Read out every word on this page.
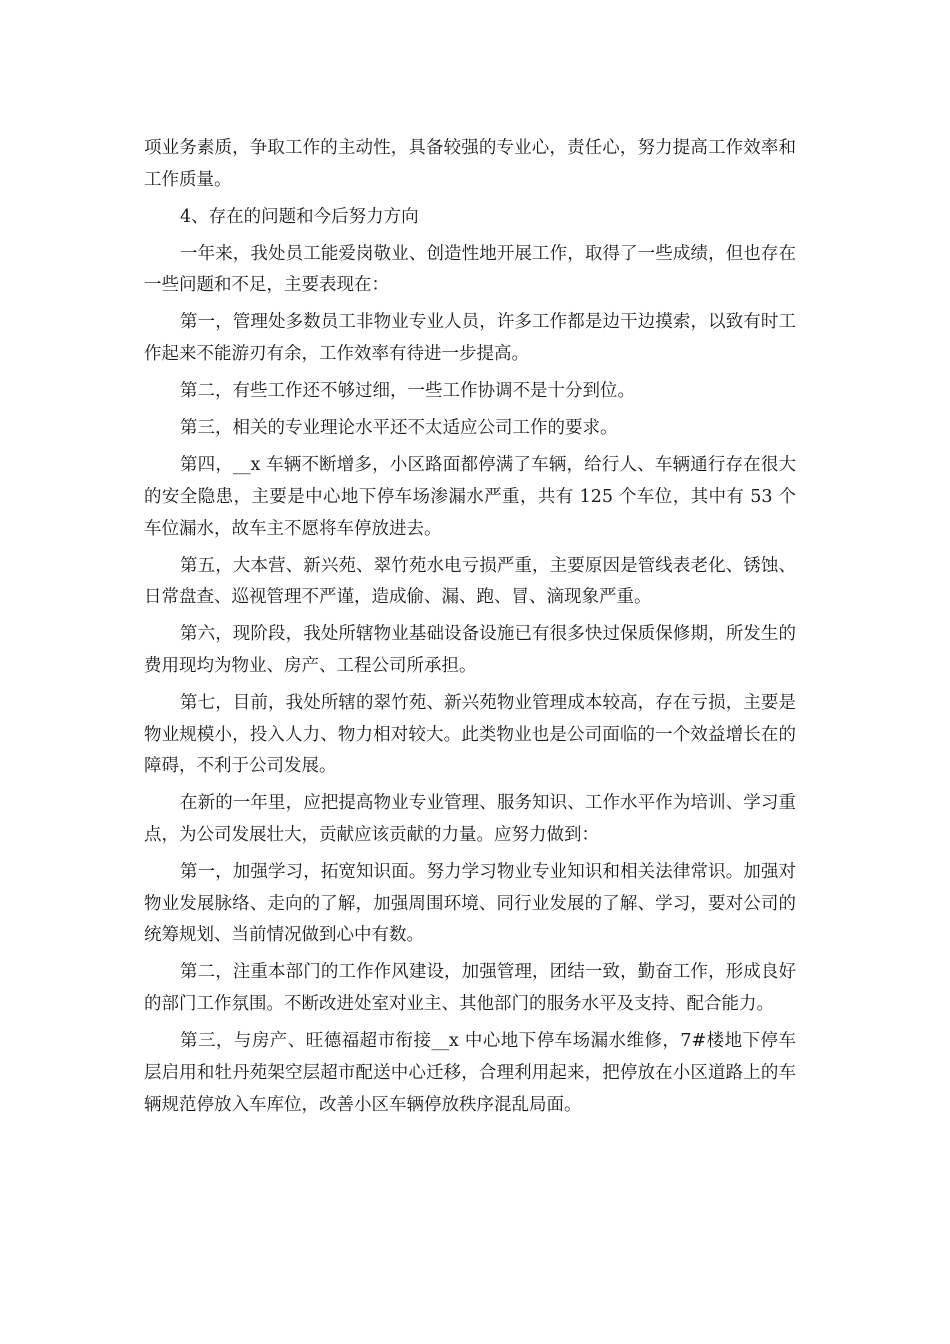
项业务素质，争取工作的主动性，具备较强的专业心，责任心，努力提高工作效率和工作质量。

4、存在的问题和今后努力方向

一年来，我处员工能爱岗敬业、创造性地开展工作，取得了一些成绩，但也存在一些问题和不足，主要表现在：

第一，管理处多数员工非物业专业人员，许多工作都是边干边摸索，以致有时工作起来不能游刃有余，工作效率有待进一步提高。

第二，有些工作还不够过细，一些工作协调不是十分到位。

第三，相关的专业理论水平还不太适应公司工作的要求。

第四，__x 车辆不断增多，小区路面都停满了车辆，给行人、车辆通行存在很大的安全隐患，主要是中心地下停车场渗漏水严重，共有 125 个车位，其中有 53 个车位漏水，故车主不愿将车停放进去。

第五，大本营、新兴苑、翠竹苑水电亏损严重，主要原因是管线表老化、锈蚀、日常盘查、巡视管理不严谨，造成偷、漏、跑、冒、滴现象严重。

第六，现阶段，我处所辖物业基础设备设施已有很多快过保质保修期，所发生的费用现均为物业、房产、工程公司所承担。

第七，目前，我处所辖的翠竹苑、新兴苑物业管理成本较高，存在亏损，主要是物业规模小，投入人力、物力相对较大。此类物业也是公司面临的一个效益增长在的障碍，不利于公司发展。

在新的一年里，应把提高物业专业管理、服务知识、工作水平作为培训、学习重点，为公司发展壮大，贡献应该贡献的力量。应努力做到：

第一，加强学习，拓宽知识面。努力学习物业专业知识和相关法律常识。加强对物业发展脉络、走向的了解，加强周围环境、同行业发展的了解、学习，要对公司的统筹规划、当前情况做到心中有数。

第二，注重本部门的工作作风建设，加强管理，团结一致，勤奋工作，形成良好的部门工作氛围。不断改进处室对业主、其他部门的服务水平及支持、配合能力。

第三，与房产、旺德福超市衔接__x 中心地下停车场漏水维修，7#楼地下停车层启用和牡丹苑架空层超市配送中心迁移，合理利用起来，把停放在小区道路上的车辆规范停放入车库位，改善小区车辆停放秩序混乱局面。
